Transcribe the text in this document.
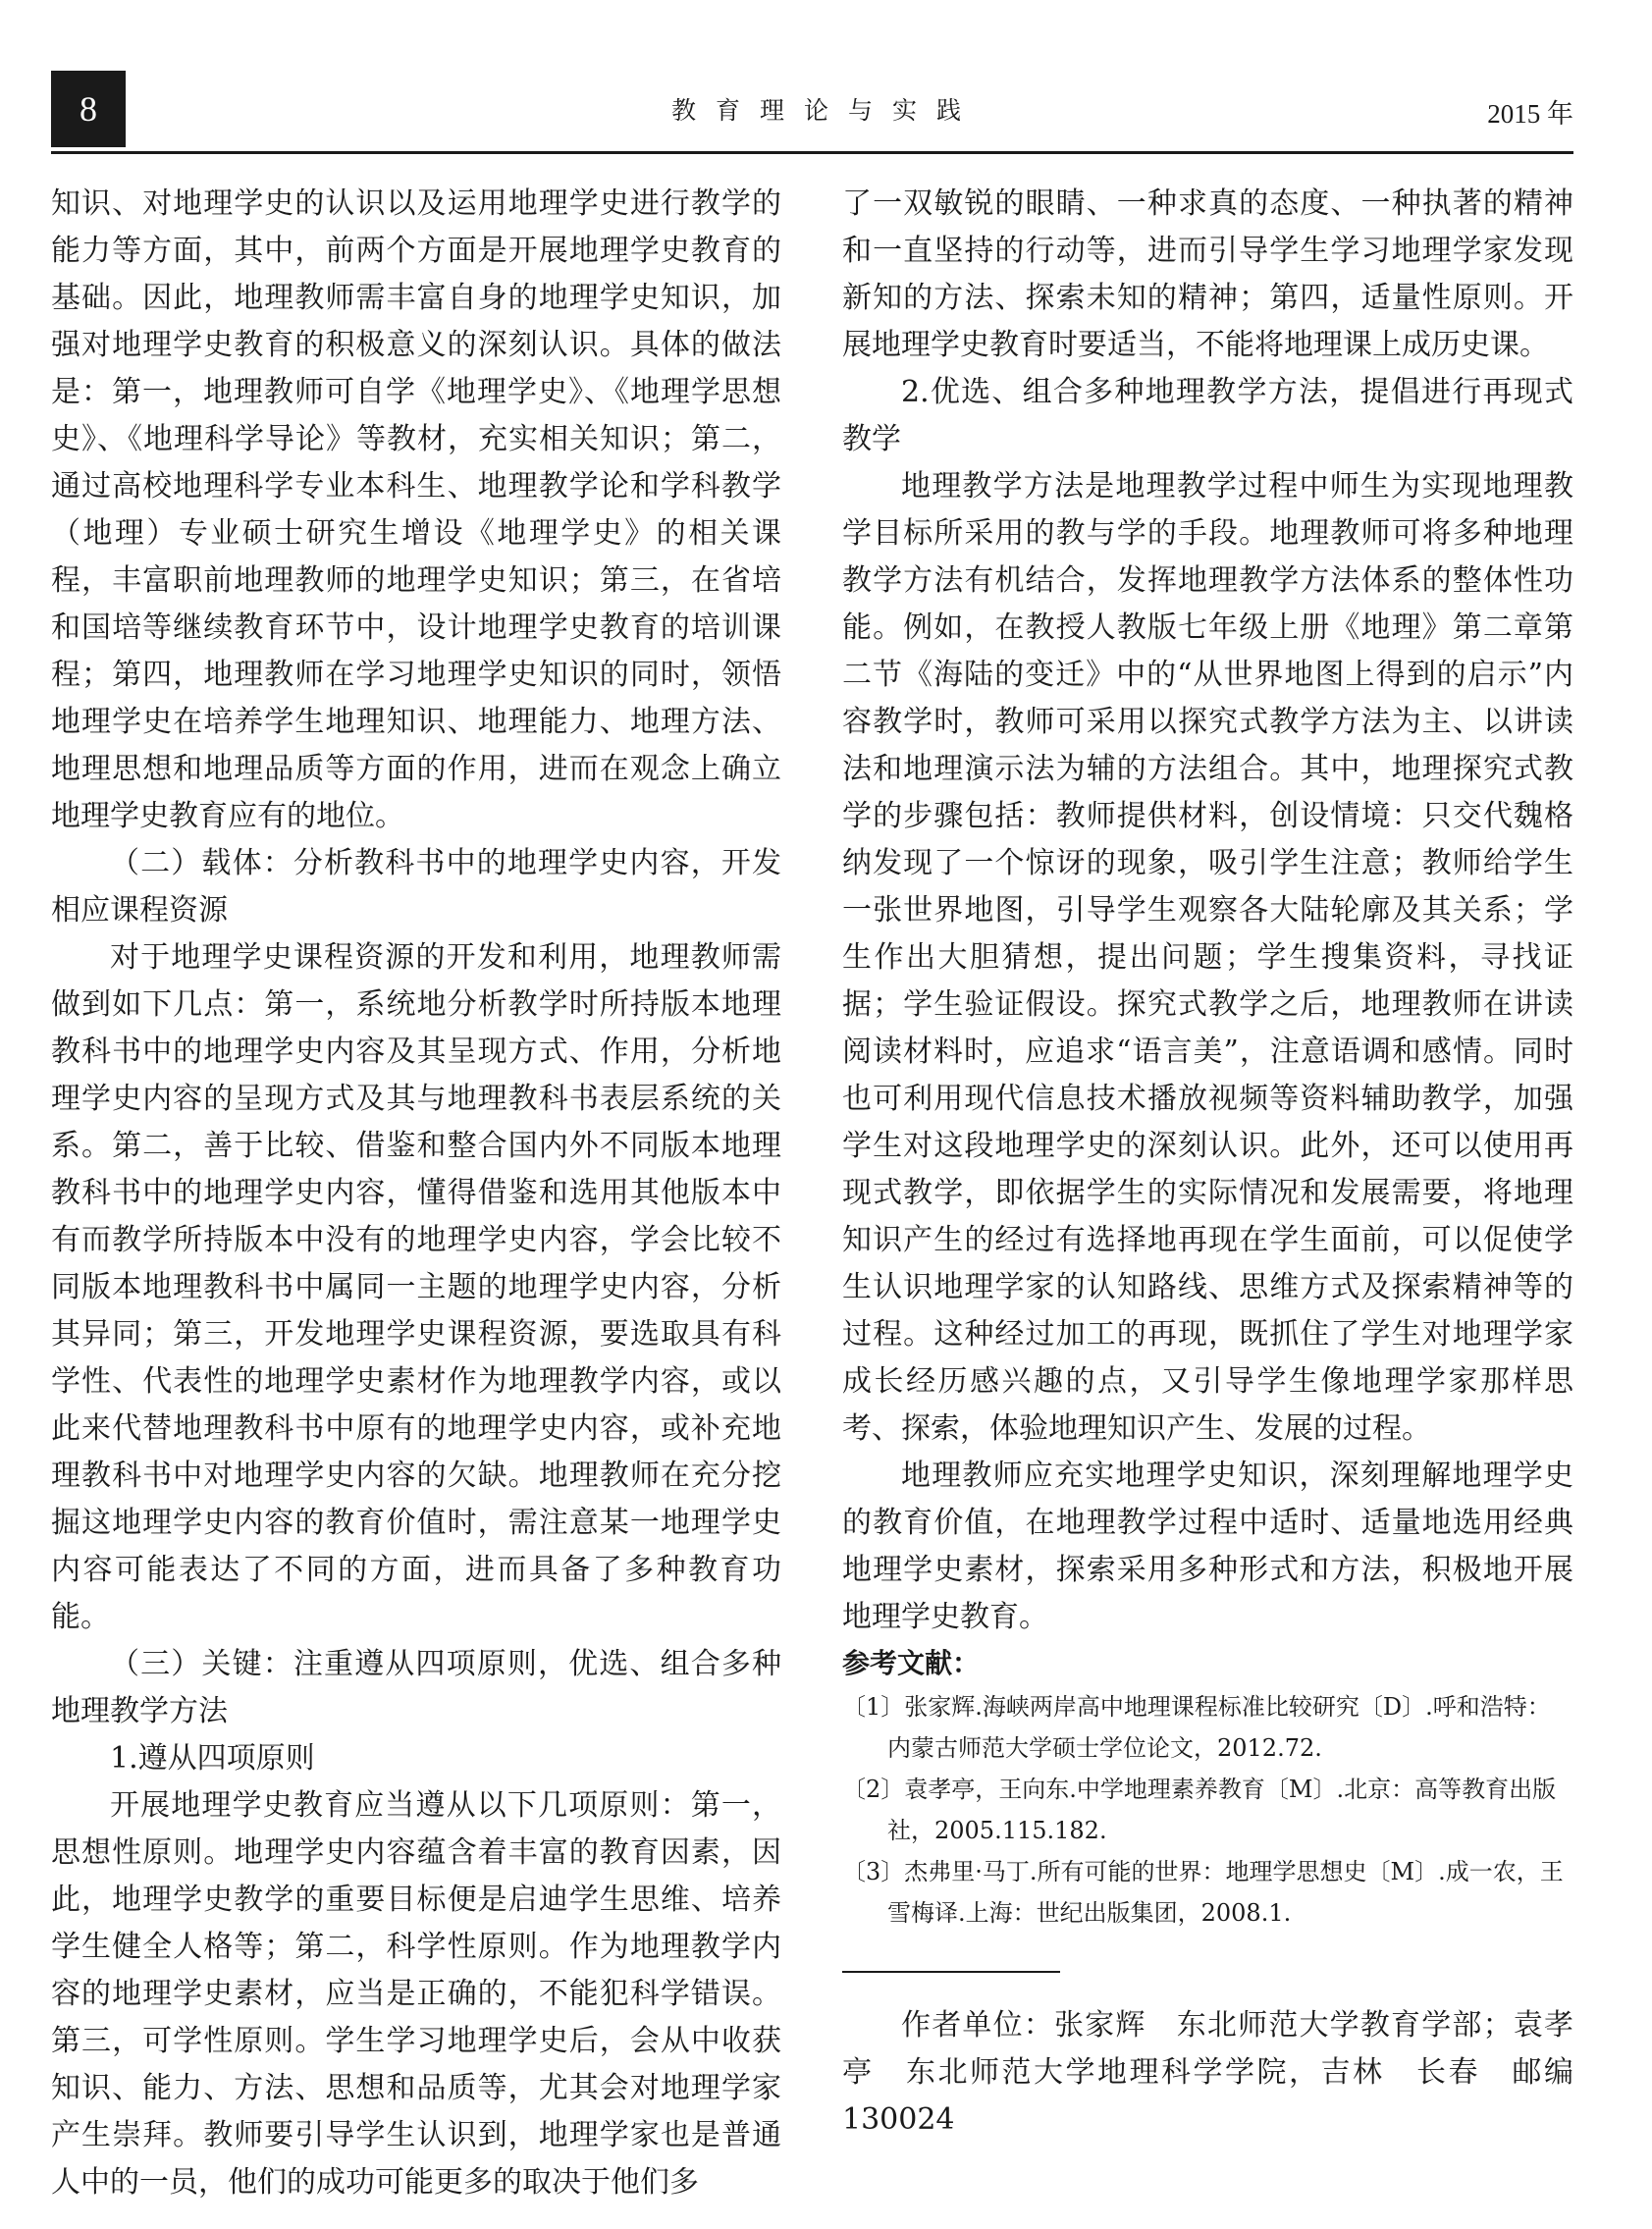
8	教育理论与实践	2015 年

知识、对地理学史的认识以及运用地理学史进行教学的能力等方面，其中，前两个方面是开展地理学史教育的基础。因此，地理教师需丰富自身的地理学史知识，加强对地理学史教育的积极意义的深刻认识。具体的做法是：第一，地理教师可自学《地理学史》、《地理学思想史》、《地理科学导论》等教材，充实相关知识；第二，通过高校地理科学专业本科生、地理教学论和学科教学（地理）专业硕士研究生增设《地理学史》的相关课程，丰富职前地理教师的地理学史知识；第三，在省培和国培等继续教育环节中，设计地理学史教育的培训课程；第四，地理教师在学习地理学史知识的同时，领悟地理学史在培养学生地理知识、地理能力、地理方法、地理思想和地理品质等方面的作用，进而在观念上确立地理学史教育应有的地位。

（二）载体：分析教科书中的地理学史内容，开发相应课程资源

对于地理学史课程资源的开发和利用，地理教师需做到如下几点：第一，系统地分析教学时所持版本地理教科书中的地理学史内容及其呈现方式、作用，分析地理学史内容的呈现方式及其与地理教科书表层系统的关系。第二，善于比较、借鉴和整合国内外不同版本地理教科书中的地理学史内容，懂得借鉴和选用其他版本中有而教学所持版本中没有的地理学史内容，学会比较不同版本地理教科书中属同一主题的地理学史内容，分析其异同；第三，开发地理学史课程资源，要选取具有科学性、代表性的地理学史素材作为地理教学内容，或以此来代替地理教科书中原有的地理学史内容，或补充地理教科书中对地理学史内容的欠缺。地理教师在充分挖掘这地理学史内容的教育价值时，需注意某一地理学史内容可能表达了不同的方面，进而具备了多种教育功能。

（三）关键：注重遵从四项原则，优选、组合多种地理教学方法

1.遵从四项原则

开展地理学史教育应当遵从以下几项原则：第一，思想性原则。地理学史内容蕴含着丰富的教育因素，因此，地理学史教学的重要目标便是启迪学生思维、培养学生健全人格等；第二，科学性原则。作为地理教学内容的地理学史素材，应当是正确的，不能犯科学错误。第三，可学性原则。学生学习地理学史后，会从中收获知识、能力、方法、思想和品质等，尤其会对地理学家产生崇拜。教师要引导学生认识到，地理学家也是普通人中的一员，他们的成功可能更多的取决于他们多

了一双敏锐的眼睛、一种求真的态度、一种执著的精神和一直坚持的行动等，进而引导学生学习地理学家发现新知的方法、探索未知的精神；第四，适量性原则。开展地理学史教育时要适当，不能将地理课上成历史课。

2.优选、组合多种地理教学方法，提倡进行再现式教学

地理教学方法是地理教学过程中师生为实现地理教学目标所采用的教与学的手段。地理教师可将多种地理教学方法有机结合，发挥地理教学方法体系的整体性功能。例如，在教授人教版七年级上册《地理》第二章第二节《海陆的变迁》中的“从世界地图上得到的启示”内容教学时，教师可采用以探究式教学方法为主、以讲读法和地理演示法为辅的方法组合。其中，地理探究式教学的步骤包括：教师提供材料，创设情境：只交代魏格纳发现了一个惊讶的现象，吸引学生注意；教师给学生一张世界地图，引导学生观察各大陆轮廓及其关系；学生作出大胆猜想，提出问题；学生搜集资料，寻找证据；学生验证假设。探究式教学之后，地理教师在讲读阅读材料时，应追求“语言美”，注意语调和感情。同时也可利用现代信息技术播放视频等资料辅助教学，加强学生对这段地理学史的深刻认识。此外，还可以使用再现式教学，即依据学生的实际情况和发展需要，将地理知识产生的经过有选择地再现在学生面前，可以促使学生认识地理学家的认知路线、思维方式及探索精神等的过程。这种经过加工的再现，既抓住了学生对地理学家成长经历感兴趣的点，又引导学生像地理学家那样思考、探索，体验地理知识产生、发展的过程。

地理教师应充实地理学史知识，深刻理解地理学史的教育价值，在地理教学过程中适时、适量地选用经典地理学史素材，探索采用多种形式和方法，积极地开展地理学史教育。

参考文献：

〔1〕张家辉.海峡两岸高中地理课程标准比较研究〔D〕.呼和浩特：内蒙古师范大学硕士学位论文，2012.72.

〔2〕袁孝亭，王向东.中学地理素养教育〔M〕.北京：高等教育出版社，2005.115.182.

〔3〕杰弗里·马丁.所有可能的世界：地理学思想史〔M〕.成一农，王雪梅译.上海：世纪出版集团，2008.1.

作者单位：张家辉　东北师范大学教育学部；袁孝亭　东北师范大学地理科学学院，吉林　长春　邮编130024
